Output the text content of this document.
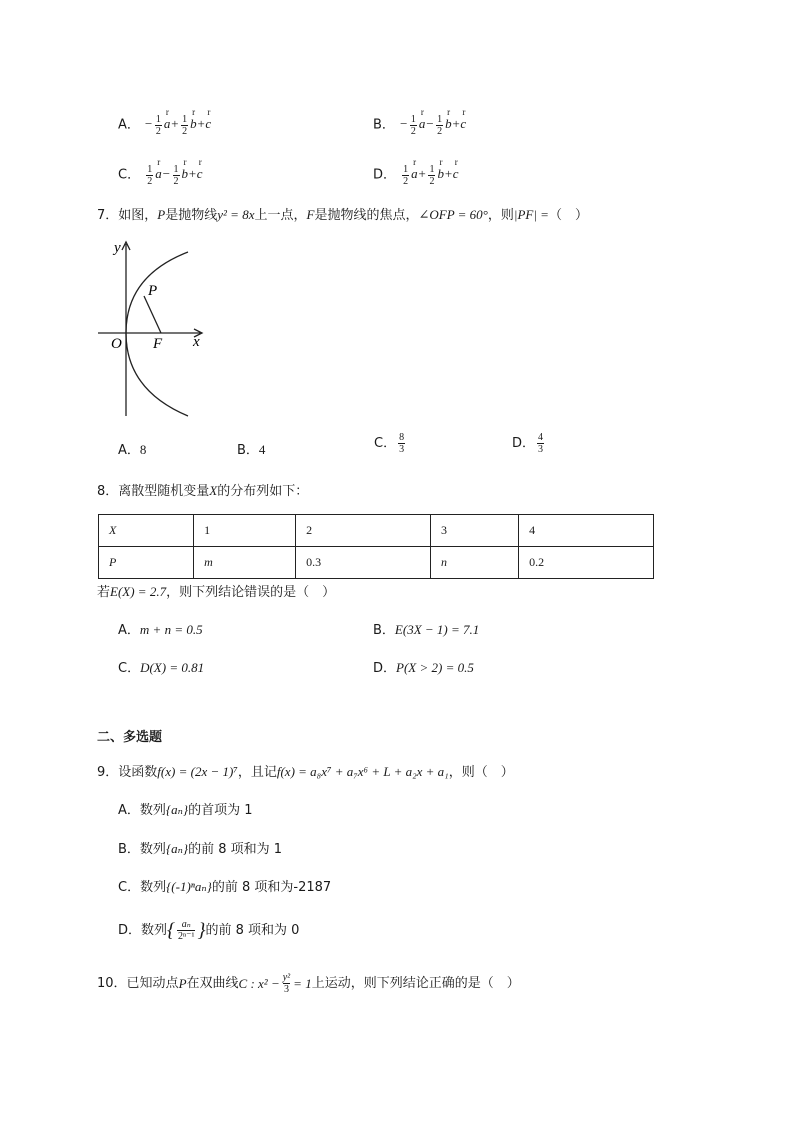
A． − $\frac{1}{2}$ a
r
+ $\frac{1}{2}$ b
r
+c
r
B． − $\frac{1}{2}$ a
r
− $\frac{1}{2}$ b
r
+c
r
C． $\frac{1}{2}$ a
r
− $\frac{1}{2}$ b
r
+c
r
D． $\frac{1}{2}$ a
r
+ $\frac{1}{2}$ b
r
+c
r
7．如图，P是抛物线y² = 8x上一点，F是抛物线的焦点，∠OFP = 60°，则|PF| =（　）
y
x
O
P
F
A．8	B．4	C． $\frac{8}{3}$	D． $\frac{4}{3}$
8．离散型随机变量X的分布列如下：
X	1	2	3	4
P	m	0.3	n	0.2
若E(X) = 2.7，则下列结论错误的是（　）
A．m + n = 0.5	B．E(3X − 1) = 7.1
C．D(X) = 0.81	D．P(X > 2) = 0.5
二、多选题
9．设函数f(x) = (2x − 1)⁷，且记f(x) = a₈x⁷ + a₇x⁶ + L + a₂x + a₁，则（　）
A．数列{aₙ}的首项为 1
B．数列{aₙ}的前 8 项和为 1
C．数列{(-1)ⁿaₙ}的前 8 项和为-2187
D．数列{ $\frac{\text{aₙ}}{\text{2ⁿ⁻¹}}$ }的前 8 项和为 0
10．已知动点P在双曲线C : $x^2 - \frac{\text{y²}}{3} = 1$上运动，则下列结论正确的是（　）
